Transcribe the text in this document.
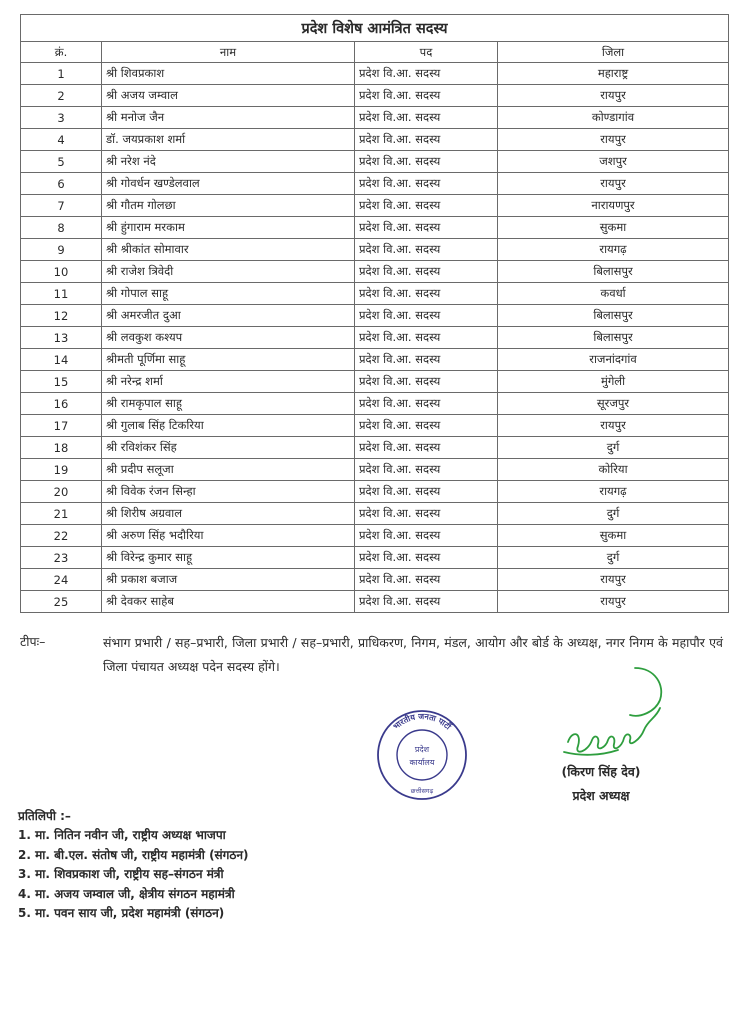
प्रदेश विशेष आमंत्रित सदस्य			
क्रं.	नाम	पद	जिला
1	श्री शिवप्रकाश	प्रदेश वि.आ. सदस्य	महाराष्ट्र
2	श्री अजय जम्वाल	प्रदेश वि.आ. सदस्य	रायपुर
3	श्री मनोज जैन	प्रदेश वि.आ. सदस्य	कोण्डागांव
4	डॉ. जयप्रकाश शर्मा	प्रदेश वि.आ. सदस्य	रायपुर
5	श्री नरेश नंदे	प्रदेश वि.आ. सदस्य	जशपुर
6	श्री गोवर्धन खण्डेलवाल	प्रदेश वि.आ. सदस्य	रायपुर
7	श्री गौतम गोलछा	प्रदेश वि.आ. सदस्य	नारायणपुर
8	श्री हुंगाराम मरकाम	प्रदेश वि.आ. सदस्य	सुकमा
9	श्री श्रीकांत सोमावार	प्रदेश वि.आ. सदस्य	रायगढ़
10	श्री राजेश त्रिवेदी	प्रदेश वि.आ. सदस्य	बिलासपुर
11	श्री गोपाल साहू	प्रदेश वि.आ. सदस्य	कवर्धा
12	श्री अमरजीत दुआ	प्रदेश वि.आ. सदस्य	बिलासपुर
13	श्री लवकुश कश्यप	प्रदेश वि.आ. सदस्य	बिलासपुर
14	श्रीमती पूर्णिमा साहू	प्रदेश वि.आ. सदस्य	राजनांदगांव
15	श्री नरेन्द्र शर्मा	प्रदेश वि.आ. सदस्य	मुंगेली
16	श्री रामकृपाल साहू	प्रदेश वि.आ. सदस्य	सूरजपुर
17	श्री गुलाब सिंह टिकरिया	प्रदेश वि.आ. सदस्य	रायपुर
18	श्री रविशंकर सिंह	प्रदेश वि.आ. सदस्य	दुर्ग
19	श्री प्रदीप सलूजा	प्रदेश वि.आ. सदस्य	कोरिया
20	श्री विवेक रंजन सिन्हा	प्रदेश वि.आ. सदस्य	रायगढ़
21	श्री शिरीष अग्रवाल	प्रदेश वि.आ. सदस्य	दुर्ग
22	श्री अरुण सिंह भदौरिया	प्रदेश वि.आ. सदस्य	सुकमा
23	श्री विरेन्द्र कुमार साहू	प्रदेश वि.आ. सदस्य	दुर्ग
24	श्री प्रकाश बजाज	प्रदेश वि.आ. सदस्य	रायपुर
25	श्री देवकर साहेब	प्रदेश वि.आ. सदस्य	रायपुर
टीपः–	संभाग प्रभारी / सह–प्रभारी, जिला प्रभारी / सह–प्रभारी, प्राधिकरण, निगम, मंडल, आयोग और बोर्ड के अध्यक्ष, नगर निगम के महापौर एवं जिला पंचायत अध्यक्ष पदेन सदस्य होंगे।
भारतीय जनता पार्टी
प्रदेश
कार्यालय
छत्तीसगढ़
(किरण सिंह देव)
प्रदेश अध्यक्ष
प्रतिलिपी :–
1. मा. नितिन नवीन जी, राष्ट्रीय अध्यक्ष भाजपा
2. मा. बी.एल. संतोष जी, राष्ट्रीय महामंत्री (संगठन)
3. मा. शिवप्रकाश जी, राष्ट्रीय सह–संगठन मंत्री
4. मा. अजय जम्वाल जी, क्षेत्रीय संगठन महामंत्री
5. मा. पवन साय जी, प्रदेश महामंत्री (संगठन)
